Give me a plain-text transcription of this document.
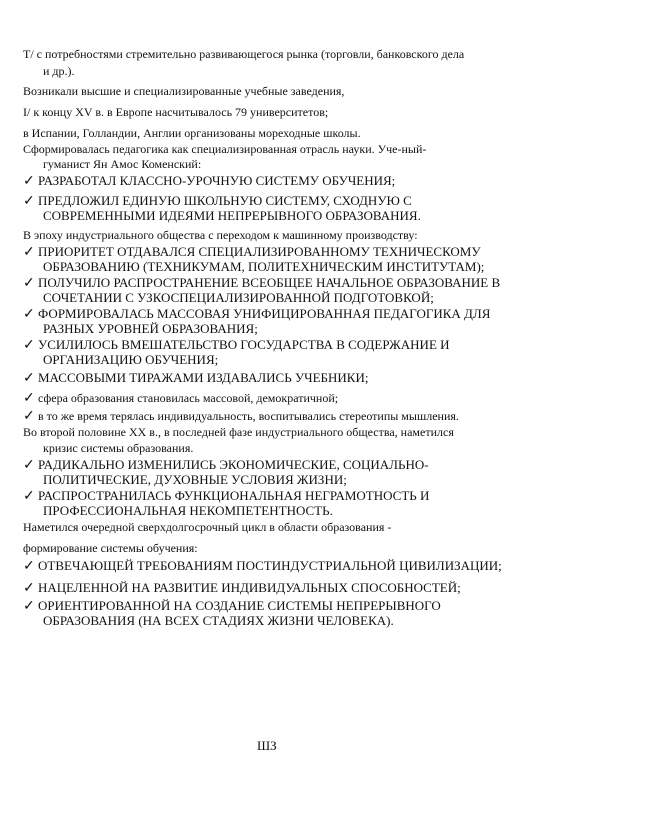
T/ с потребностями стремительно развивающегося рынка (торговли, банковского дела
и др.).
Возникали высшие и специализированные учебные заведения,
I/ к концу XV в. в Европе насчитывалось 79 университетов;
в Испании, Голландии, Англии организованы мореходные школы.
Сформировалась педагогика как специализированная отрасль науки. Уче-ный-
гуманист Ян Амос Коменский:
✓ РАЗРАБОТАЛ КЛАССНО-УРОЧНУЮ СИСТЕМУ ОБУЧЕНИЯ;
✓ ПРЕДЛОЖИЛ ЕДИНУЮ ШКОЛЬНУЮ СИСТЕМУ, СХОДНУЮ С
СОВРЕМЕННЫМИ ИДЕЯМИ НЕПРЕРЫВНОГО ОБРАЗОВАНИЯ.
В эпоху индустриального общества с переходом к машинному производству:
✓ ПРИОРИТЕТ ОТДАВАЛСЯ СПЕЦИАЛИЗИРОВАННОМУ ТЕХНИЧЕСКОМУ
ОБРАЗОВАНИЮ (ТЕХНИКУМАМ, ПОЛИТЕХНИЧЕСКИМ ИНСТИТУТАМ);
✓ ПОЛУЧИЛО РАСПРОСТРАНЕНИЕ ВСЕОБЩЕЕ НАЧАЛЬНОЕ ОБРАЗОВАНИЕ В
СОЧЕТАНИИ С УЗКОСПЕЦИАЛИЗИРОВАННОЙ ПОДГОТОВКОЙ;
✓ ФОРМИРОВАЛАСЬ МАССОВАЯ УНИФИЦИРОВАННАЯ ПЕДАГОГИКА ДЛЯ
РАЗНЫХ УРОВНЕЙ ОБРАЗОВАНИЯ;
✓ УСИЛИЛОСЬ ВМЕШАТЕЛЬСТВО ГОСУДАРСТВА В СОДЕРЖАНИЕ И
ОРГАНИЗАЦИЮ ОБУЧЕНИЯ;
✓ МАССОВЫМИ ТИРАЖАМИ ИЗДАВАЛИСЬ УЧЕБНИКИ;
✓ сфера образования становилась массовой, демократичной;
✓ в то же время терялась индивидуальность, воспитывались стереотипы мышления.
Во второй половине XX в., в последней фазе индустриального общества, наметился
кризис системы образования.
✓ РАДИКАЛЬНО ИЗМЕНИЛИСЬ ЭКОНОМИЧЕСКИЕ, СОЦИАЛЬНО-
ПОЛИТИЧЕСКИЕ, ДУХОВНЫЕ УСЛОВИЯ ЖИЗНИ;
✓ РАСПРОСТРАНИЛАСЬ ФУНКЦИОНАЛЬНАЯ НЕГРАМОТНОСТЬ И
ПРОФЕССИОНАЛЬНАЯ НЕКОМПЕТЕНТНОСТЬ.
Наметился очередной сверхдолгосрочный цикл в области образования -
формирование системы обучения:
✓ ОТВЕЧАЮЩЕЙ ТРЕБОВАНИЯМ ПОСТИНДУСТРИАЛЬНОЙ ЦИВИЛИЗАЦИИ;
✓ НАЦЕЛЕННОЙ НА РАЗВИТИЕ ИНДИВИДУАЛЬНЫХ СПОСОБНОСТЕЙ;
✓ ОРИЕНТИРОВАННОЙ НА СОЗДАНИЕ СИСТЕМЫ НЕПРЕРЫВНОГО
ОБРАЗОВАНИЯ (НА ВСЕХ СТАДИЯХ ЖИЗНИ ЧЕЛОВЕКА).
ШЗ
